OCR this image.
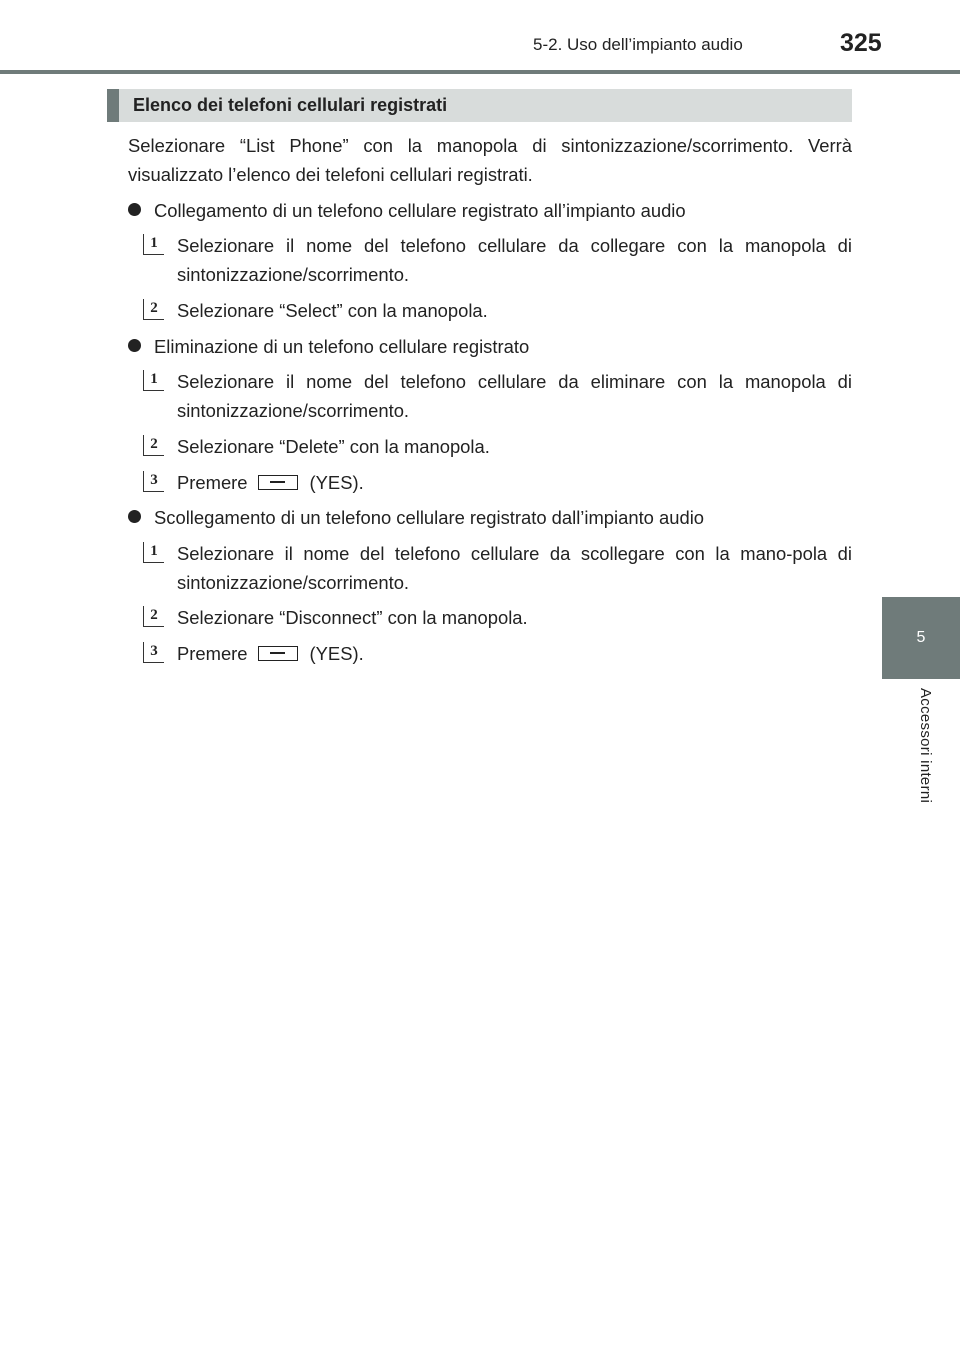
5-2. Uso dell’impianto audio	325
5
Accessori interni
Elenco dei telefoni cellulari registrati
Selezionare “List Phone” con la manopola di sintonizzazione/scorrimento. Verrà visualizzato l’elenco dei telefoni cellulari registrati.
Collegamento di un telefono cellulare registrato all’impianto audio
1	Selezionare il nome del telefono cellulare da collegare con la manopola di sintonizzazione/scorrimento.
2	Selezionare “Select” con la manopola.
Eliminazione di un telefono cellulare registrato
1	Selezionare il nome del telefono cellulare da eliminare con la manopola di sintonizzazione/scorrimento.
2	Selezionare “Delete” con la manopola.
3	Premere	(YES).
Scollegamento di un telefono cellulare registrato dall’impianto audio
1	Selezionare il nome del telefono cellulare da scollegare con la mano-pola di sintonizzazione/scorrimento.
2	Selezionare “Disconnect” con la manopola.
3	Premere	(YES).
